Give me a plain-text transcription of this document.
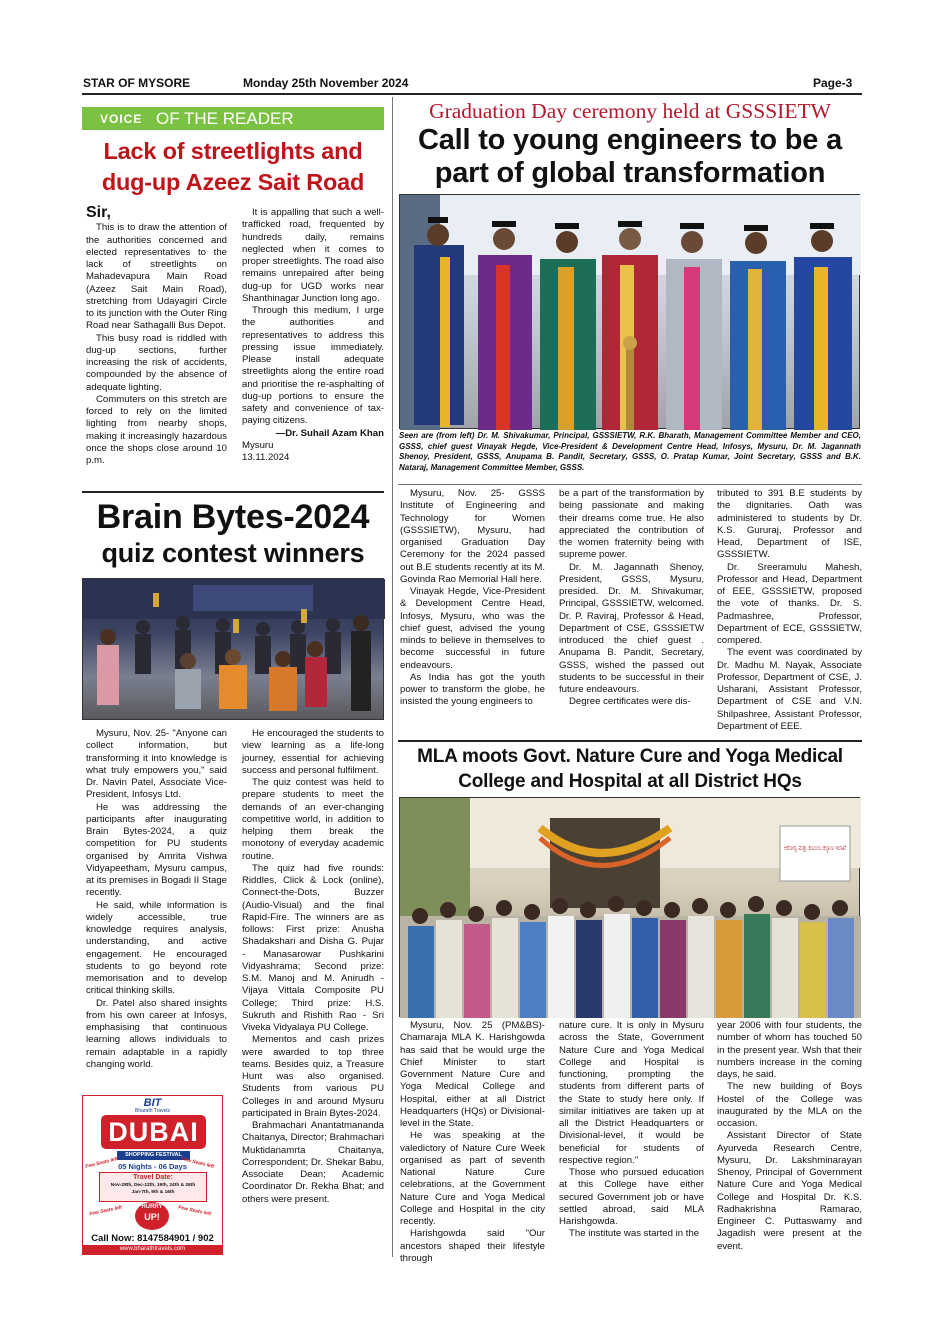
STAR OF MYSORE	Monday 25th November 2024	Page-3
VOICE OF THE READER
Lack of streetlights and dug-up Azeez Sait Road

Sir,

This is to draw the attention of the authorities concerned and elected representatives to the lack of streetlights on Mahadevapura Main Road (Azeez Sait Main Road), stretching from Udayagiri Circle to its junction with the Outer Ring Road near Sathagalli Bus Depot.

This busy road is riddled with dug-up sections, further increasing the risk of accidents, compounded by the absence of adequate lighting.

Commuters on this stretch are forced to rely on the limited lighting from nearby shops, making it increasingly hazardous once the shops close around 10 p.m.

It is appalling that such a well-trafficked road, frequented by hundreds daily, remains neglected when it comes to proper streetlights. The road also remains unrepaired after being dug-up for UGD works near Shanthinagar Junction long ago.

Through this medium, I urge the authorities and representatives to address this pressing issue immediately. Please install adequate streetlights along the entire road and prioritise the re-asphalting of dug-up portions to ensure the safety and convenience of tax-paying citizens.

—Dr. Suhail Azam Khan

Mysuru

13.11.2024

Brain Bytes-2024
quiz contest winners

Mysuru, Nov. 25- "Anyone can collect information, but transforming it into knowledge is what truly empowers you," said Dr. Navin Patel, Associate Vice-President, Infosys Ltd.

He was addressing the participants after inaugurating Brain Bytes-2024, a quiz competition for PU students organised by Amrita Vishwa Vidyapeetham, Mysuru campus, at its premises in Bogadi II Stage recently.

He said, while information is widely accessible, true knowledge requires analysis, understanding, and active engagement. He encouraged students to go beyond rote memorisation and to develop critical thinking skills.

Dr. Patel also shared insights from his own career at Infosys, emphasising that continuous learning allows individuals to remain adaptable in a rapidly changing world.

He encouraged the students to view learning as a life-long journey, essential for achieving success and personal fulfilment.

The quiz contest was held to prepare students to meet the demands of an ever-changing competitive world, in addition to helping them break the monotony of everyday academic routine.

The quiz had five rounds: Riddles, Click & Lock (online), Connect-the-Dots, Buzzer (Audio-Visual) and the final Rapid-Fire. The winners are as follows: First prize: Anusha Shadakshari and Disha G. Pujar - Manasarowar Pushkarini Vidyashrama; Second prize: S.M. Manoj and M. Anirudh - Vijaya Vittala Composite PU College; Third prize: H.S. Sukruth and Rishith Rao - Sri Viveka Vidyalaya PU College.

Mementos and cash prizes were awarded to top three teams. Besides quiz, a Treasure Hunt was also organised. Students from various PU Colleges in and around Mysuru participated in Brain Bytes-2024.

Brahmachari Anantatmananda Chaitanya, Director; Brahmachari Muktidanamrta Chaitanya, Correspondent; Dr. Shekar Babu, Associate Dean; Academic Coordinator Dr. Rekha Bhat; and others were present.

BIT
Bharath Travels
DUBAI
SHOPPING FESTIVAL
05 Nights - 06 Days
Travel Date:
Nov-28th, Dec-12th, 19th, 24th & 26th
Jan-7th, 9th & 16th
Few Seats left	Few Seats left
Few Seats left	Few Seats left
HURRY
UP!
Call Now: 8147584901 / 902
www.bharathtravels.com
Graduation Day ceremony held at GSSSIETW
Call to young engineers to be a part of global transformation
Seen are (from left) Dr. M. Shivakumar, Principal, GSSSIETW, R.K. Bharath, Management Committee Member and CEO, GSSS, chief guest Vinayak Hegde, Vice-President & Development Centre Head, Infosys, Mysuru, Dr. M. Jagannath Shenoy, President, GSSS, Anupama B. Pandit, Secretary, GSSS, O. Pratap Kumar, Joint Secretary, GSSS and B.K. Nataraj, Management Committee Member, GSSS.

Mysuru, Nov. 25- GSSS Institute of Engineering and Technology for Women (GSSSIETW), Mysuru, had organised Graduation Day Ceremony for the 2024 passed out B.E students recently at its M. Govinda Rao Memorial Hall here.

Vinayak Hegde, Vice-President & Development Centre Head, Infosys, Mysuru, who was the chief guest, advised the young minds to believe in themselves to become successful in future endeavours.

As India has got the youth power to transform the globe, he insisted the young engineers to

be a part of the transformation by being passionate and making their dreams come true. He also appreciated the contribution of the women fraternity being with supreme power.

Dr. M. Jagannath Shenoy, President, GSSS, Mysuru, presided. Dr. M. Shivakumar, Principal, GSSSIETW, welcomed. Dr. P. Raviraj, Professor & Head, Department of CSE, GSSSIETW introduced the chief guest . Anupama B. Pandit, Secretary, GSSS, wished the passed out students to be successful in their future endeavours.

Degree certificates were dis-

tributed to 391 B.E students by the dignitaries. Oath was administered to students by Dr. K.S. Gururaj, Professor and Head, Department of ISE, GSSSIETW.

Dr. Sreeramulu Mahesh, Professor and Head, Department of EEE, GSSSIETW, proposed the vote of thanks. Dr. S. Padmashree, Professor, Department of ECE, GSSSIETW, compered.

The event was coordinated by Dr. Madhu M. Nayak, Associate Professor, Department of CSE, J. Usharani, Assistant Professor, Department of CSE and V.N. Shilpashree, Assistant Professor, Department of EEE.

MLA moots Govt. Nature Cure and Yoga Medical College and Hospital at all District HQs
ಆರೋಗ್ಯ ಮತ್ತು ಕುಟುಂಬ ಕಲ್ಯಾಣ ಇಲಾಖೆ

Mysuru, Nov. 25 (PM&BS)- Chamaraja MLA K. Harishgowda has said that he would urge the Chief Minister to start Government Nature Cure and Yoga Medical College and Hospital, either at all District Headquarters (HQs) or Divisional-level in the State.

He was speaking at the valedictory of Nature Cure Week organised as part of seventh National Nature Cure celebrations, at the Government Nature Cure and Yoga Medical College and Hospital in the city recently.

Harishgowda said "Our ancestors shaped their lifestyle through

nature cure. It is only in Mysuru across the State, Government Nature Cure and Yoga Medical College and Hospital is functioning, prompting the students from different parts of the State to study here only. If similar initiatives are taken up at all the District Headquarters or Divisional-level, it would be beneficial for students of respective region."

Those who pursued education at this College have either secured Government job or have settled abroad, said MLA Harishgowda.

The institute was started in the

year 2006 with four students, the number of whom has touched 50 in the present year. Wsh that their numbers increase in the coming days, he said.

The new building of Boys Hostel of the College was inaugurated by the MLA on the occasion.

Assistant Director of State Ayurveda Research Centre, Mysuru, Dr. Lakshminarayan Shenoy, Principal of Government Nature Cure and Yoga Medical College and Hospital Dr. K.S. Radhakrishna Ramarao, Engineer C. Puttaswamy and Jagadish were present at the event.
